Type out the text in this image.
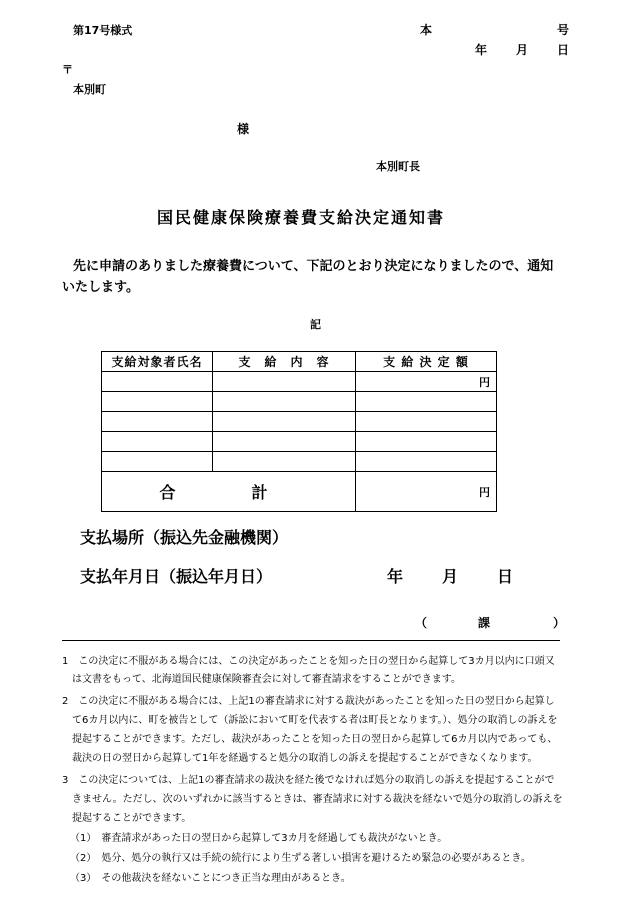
第17号様式	本	号
年 月 日
〒
本別町
様
本別町長
国民健康保険療養費支給決定通知書
先に申請のありました療養費について、下記のとおり決定になりましたので、通知
いたします。
記
支給対象者氏名	支　給　内　容	支 給 決 定 額
		円

合　計		円
支払場所（振込先金融機関）
支払年月日（振込年月日）	年 月 日
（	課	）
1　この決定に不服がある場合には、この決定があったことを知った日の翌日から起算して3カ月以内に口頭又
　は文書をもって、北海道国民健康保険審査会に対して審査請求をすることができます。
2　この決定に不服がある場合には、上記1の審査請求に対する裁決があったことを知った日の翌日から起算し
　て6カ月以内に、町を被告として（訴訟において町を代表する者は町長となります。）、処分の取消しの訴えを
　提起することができます。ただし、裁決があったことを知った日の翌日から起算して6カ月以内であっても、
　裁決の日の翌日から起算して1年を経過すると処分の取消しの訴えを提起することができなくなります。
3　この決定については、上記1の審査請求の裁決を経た後でなければ処分の取消しの訴えを提起することがで
　きません。ただし、次のいずれかに該当するときは、審査請求に対する裁決を経ないで処分の取消しの訴えを
　提起することができます。
（1）　審査請求があった日の翌日から起算して3カ月を経過しても裁決がないとき。
（2）　処分、処分の執行又は手続の続行により生ずる著しい損害を避けるため緊急の必要があるとき。
（3）　その他裁決を経ないことにつき正当な理由があるとき。
